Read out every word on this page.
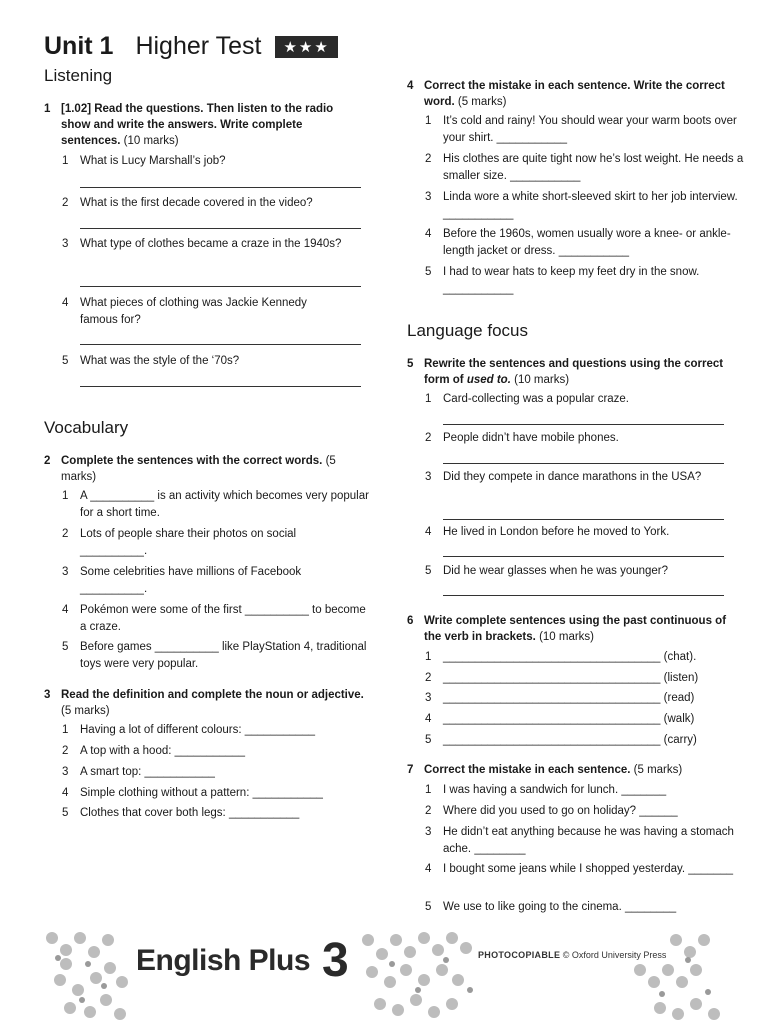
Unit 1 Higher Test	★★★
Listening
1 [1.02] Read the questions. Then listen to the radio show and write the answers. Write complete sentences. (10 marks)
1 What is Lucy Marshall’s job?
2 What is the first decade covered in the video?
3 What type of clothes became a craze in the 1940s?
4 What pieces of clothing was Jackie Kennedy famous for?
5 What was the style of the ‘70s?
Vocabulary
2 Complete the sentences with the correct words. (5 marks)
1 A __________ is an activity which becomes very popular for a short time.
2 Lots of people share their photos on social __________.
3 Some celebrities have millions of Facebook __________.
4 Pokémon were some of the first __________ to become a craze.
5 Before games __________ like PlayStation 4, traditional toys were very popular.
3 Read the definition and complete the noun or adjective. (5 marks)
1 Having a lot of different colours: ___________
2 A top with a hood: ___________
3 A smart top: ___________
4 Simple clothing without a pattern: ___________
5 Clothes that cover both legs: ___________
4 Correct the mistake in each sentence. Write the correct word. (5 marks)
1 It’s cold and rainy! You should wear your warm boots over your shirt. ___________
2 His clothes are quite tight now he’s lost weight. He needs a smaller size. ___________
3 Linda wore a white short-sleeved skirt to her job interview. ___________
4 Before the 1960s, women usually wore a knee- or ankle-length jacket or dress. ___________
5 I had to wear hats to keep my feet dry in the snow. ___________
Language focus
5 Rewrite the sentences and questions using the correct form of used to. (10 marks)
1 Card-collecting was a popular craze.
2 People didn’t have mobile phones.
3 Did they compete in dance marathons in the USA?
4 He lived in London before he moved to York.
5 Did he wear glasses when he was younger?
6 Write complete sentences using the past continuous of the verb in brackets. (10 marks)
1 __________________________________ (chat).
2 __________________________________ (listen)
3 __________________________________ (read)
4 __________________________________ (walk)
5 __________________________________ (carry)
7 Correct the mistake in each sentence. (5 marks)
1 I was having a sandwich for lunch. _______
2 Where did you used to go on holiday? ______
3 He didn’t eat anything because he was having a stomach ache. ________
4 I bought some jeans while I shopped yesterday. _______
5 We use to like going to the cinema. ________
English Plus 3	PHOTOCOPIABLE © Oxford University Press
